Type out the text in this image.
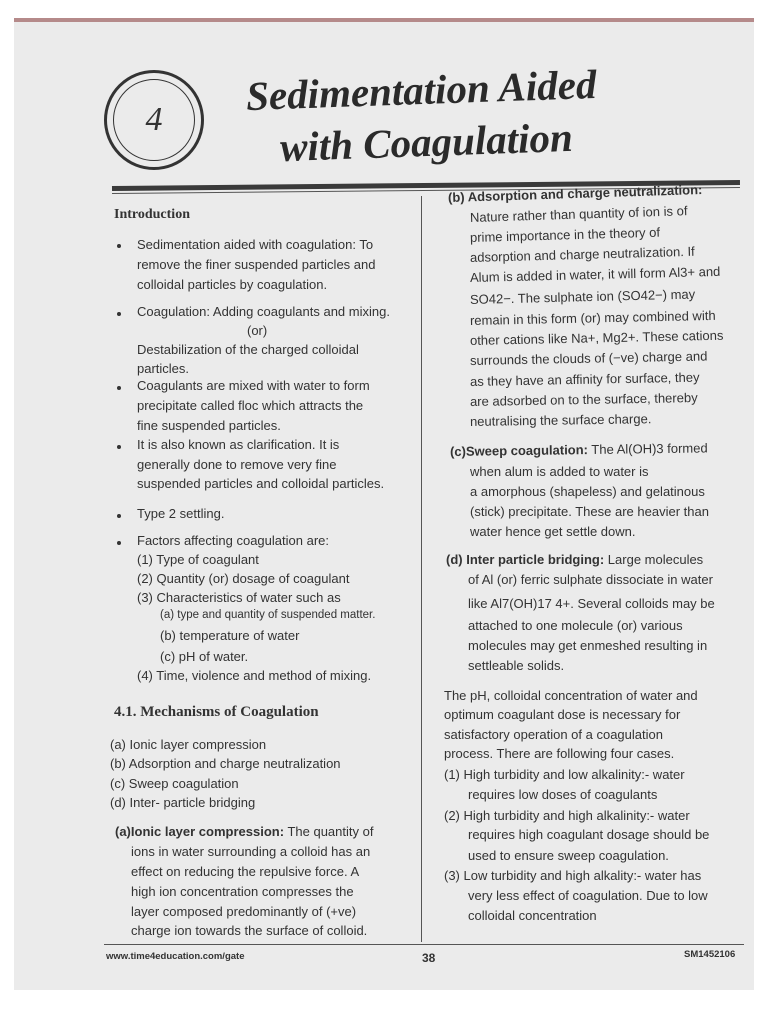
4
Sedimentation Aided
with Coagulation
Introduction
Sedimentation aided with coagulation: To
remove the finer suspended particles and
colloidal particles by coagulation.
Coagulation: Adding coagulants and mixing.
(or)
Destabilization of the charged colloidal
particles.
Coagulants are mixed with water to form
precipitate called floc which attracts the
fine suspended particles.
It is also known as clarification. It is
generally done to remove very fine
suspended particles and colloidal particles.
Type 2 settling.
Factors affecting coagulation are:
(1) Type of coagulant
(2) Quantity (or) dosage of coagulant
(3) Characteristics of water such as
(a) type and quantity of suspended matter.
(b) temperature of water
(c) pH of water.
(4) Time, violence and method of mixing.
4.1. Mechanisms of Coagulation
(a) Ionic layer compression
(b) Adsorption and charge neutralization
(c) Sweep coagulation
(d) Inter- particle bridging
(a)Ionic layer compression: The quantity of
ions in water surrounding a colloid has an
effect on reducing the repulsive force. A
high ion concentration compresses the
layer composed predominantly of (+ve)
charge ion towards the surface of colloid.
(b) Adsorption and charge neutralization:
Nature rather than quantity of ion is of
prime importance in the theory of
adsorption and charge neutralization. If
Alum is added in water, it will form Al3+ and
SO42−. The sulphate ion (SO42−) may
remain in this form (or) may combined with
other cations like Na+, Mg2+. These cations
surrounds the clouds of (−ve) charge and
as they have an affinity for surface, they
are adsorbed on to the surface, thereby
neutralising the surface charge.
(c)Sweep coagulation: The Al(OH)3 formed
when alum is added to water is
a amorphous (shapeless) and gelatinous
(stick) precipitate. These are heavier than
water hence get settle down.
(d) Inter particle bridging: Large molecules
of Al (or) ferric sulphate dissociate in water
like Al7(OH)17 4+. Several colloids may be
attached to one molecule (or) various
molecules may get enmeshed resulting in
settleable solids.
The pH, colloidal concentration of water and
optimum coagulant dose is necessary for
satisfactory operation of a coagulation
process. There are following four cases.
(1) High turbidity and low alkalinity:- water
requires low doses of coagulants
(2) High turbidity and high alkalinity:- water
requires high coagulant dosage should be
used to ensure sweep coagulation.
(3) Low turbidity and high alkality:- water has
very less effect of coagulation. Due to low
colloidal concentration
www.time4education.com/gate	38	SM1452106
